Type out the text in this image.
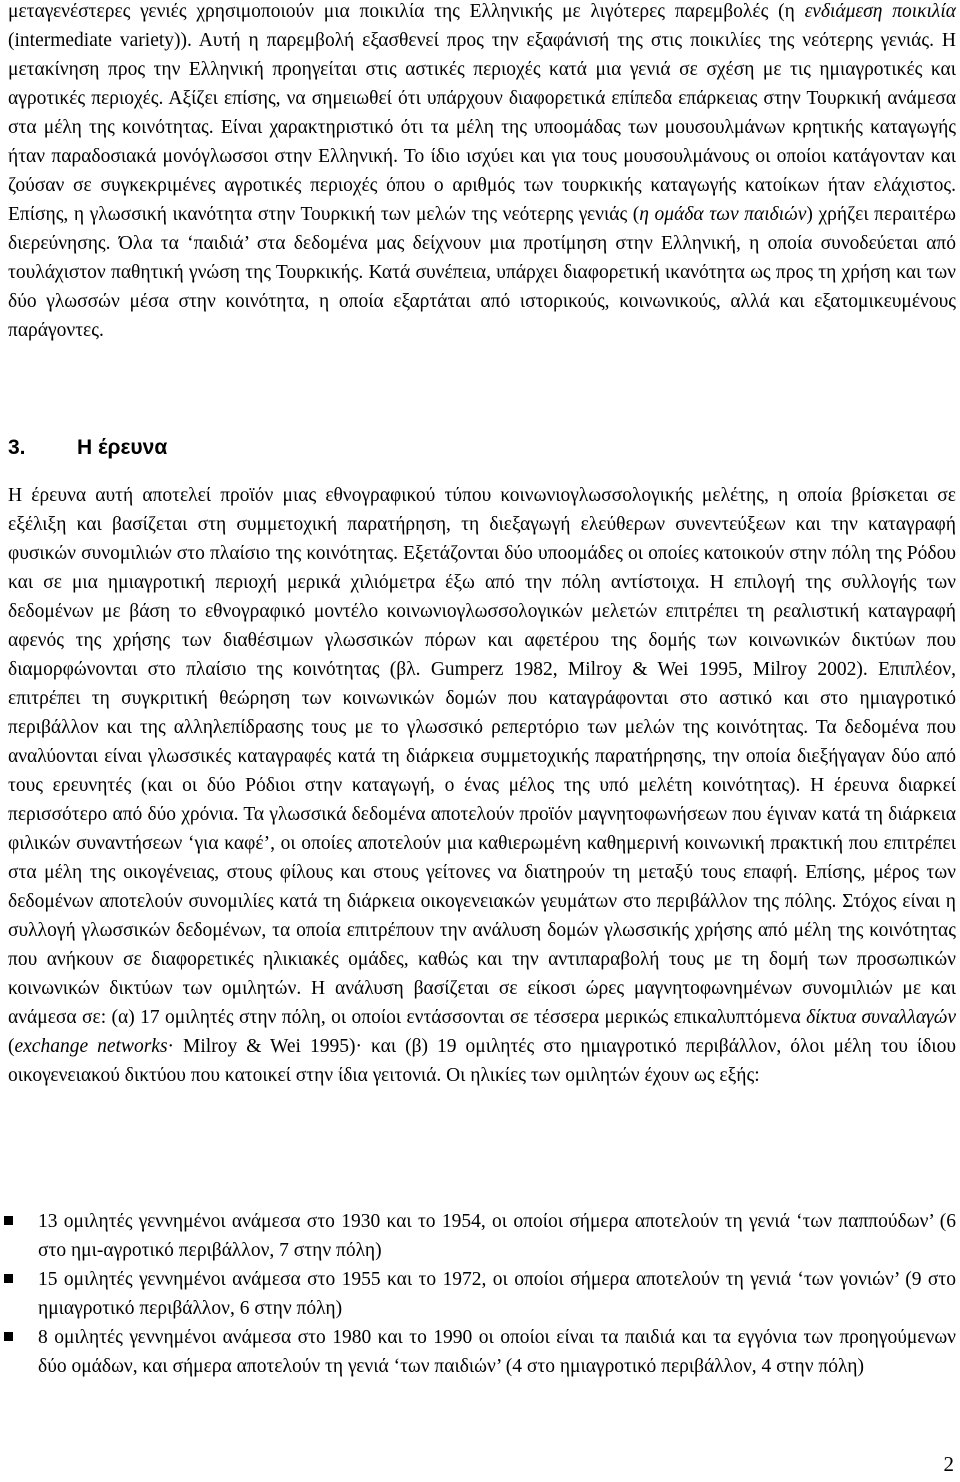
μεταγενέστερες γενιές χρησιμοποιούν μια ποικιλία της Ελληνικής με λιγότερες παρεμβολές (η ενδιάμεση ποικιλία (intermediate variety)). Αυτή η παρεμβολή εξασθενεί προς την εξαφάνισή της στις ποικιλίες της νεότερης γενιάς. Η μετακίνηση προς την Ελληνική προηγείται στις αστικές περιοχές κατά μια γενιά σε σχέση με τις ημιαγροτικές και αγροτικές περιοχές. Αξίζει επίσης, να σημειωθεί ότι υπάρχουν διαφορετικά επίπεδα επάρκειας στην Τουρκική ανάμεσα στα μέλη της κοινότητας. Είναι χαρακτηριστικό ότι τα μέλη της υποομάδας των μουσουλμάνων κρητικής καταγωγής ήταν παραδοσιακά μονόγλωσσοι στην Ελληνική. Το ίδιο ισχύει και για τους μουσουλμάνους οι οποίοι κατάγονταν και ζούσαν σε συγκεκριμένες αγροτικές περιοχές όπου ο αριθμός των τουρκικής καταγωγής κατοίκων ήταν ελάχιστος. Επίσης, η γλωσσική ικανότητα στην Τουρκική των μελών της νεότερης γενιάς (η ομάδα των παιδιών) χρήζει περαιτέρω διερεύνησης. Όλα τα ‘παιδιά’ στα δεδομένα μας δείχνουν μια προτίμηση στην Ελληνική, η οποία συνοδεύεται από τουλάχιστον παθητική γνώση της Τουρκικής. Κατά συνέπεια, υπάρχει διαφορετική ικανότητα ως προς τη χρήση και των δύο γλωσσών μέσα στην κοινότητα, η οποία εξαρτάται από ιστορικούς, κοινωνικούς, αλλά και εξατομικευμένους παράγοντες.

3. Η έρευνα

Η έρευνα αυτή αποτελεί προϊόν μιας εθνογραφικού τύπου κοινωνιογλωσσολογικής μελέτης, η οποία βρίσκεται σε εξέλιξη και βασίζεται στη συμμετοχική παρατήρηση, τη διεξαγωγή ελεύθερων συνεντεύξεων και την καταγραφή φυσικών συνομιλιών στο πλαίσιο της κοινότητας. Εξετάζονται δύο υποομάδες οι οποίες κατοικούν στην πόλη της Ρόδου και σε μια ημιαγροτική περιοχή μερικά χιλιόμετρα έξω από την πόλη αντίστοιχα. Η επιλογή της συλλογής των δεδομένων με βάση το εθνογραφικό μοντέλο κοινωνιογλωσσολογικών μελετών επιτρέπει τη ρεαλιστική καταγραφή αφενός της χρήσης των διαθέσιμων γλωσσικών πόρων και αφετέρου της δομής των κοινωνικών δικτύων που διαμορφώνονται στο πλαίσιο της κοινότητας (βλ. Gumperz 1982, Milroy & Wei 1995, Milroy 2002). Επιπλέον, επιτρέπει τη συγκριτική θεώρηση των κοινωνικών δομών που καταγράφονται στο αστικό και στο ημιαγροτικό περιβάλλον και της αλληλεπίδρασης τους με το γλωσσικό ρεπερτόριο των μελών της κοινότητας. Τα δεδομένα που αναλύονται είναι γλωσσικές καταγραφές κατά τη διάρκεια συμμετοχικής παρατήρησης, την οποία διεξήγαγαν δύο από τους ερευνητές (και οι δύο Ρόδιοι στην καταγωγή, ο ένας μέλος της υπό μελέτη κοινότητας). Η έρευνα διαρκεί περισσότερο από δύο χρόνια. Τα γλωσσικά δεδομένα αποτελούν προϊόν μαγνητοφωνήσεων που έγιναν κατά τη διάρκεια φιλικών συναντήσεων ‘για καφέ’, οι οποίες αποτελούν μια καθιερωμένη καθημερινή κοινωνική πρακτική που επιτρέπει στα μέλη της οικογένειας, στους φίλους και στους γείτονες να διατηρούν τη μεταξύ τους επαφή. Επίσης, μέρος των δεδομένων αποτελούν συνομιλίες κατά τη διάρκεια οικογενειακών γευμάτων στο περιβάλλον της πόλης. Στόχος είναι η συλλογή γλωσσικών δεδομένων, τα οποία επιτρέπουν την ανάλυση δομών γλωσσικής χρήσης από μέλη της κοινότητας που ανήκουν σε διαφορετικές ηλικιακές ομάδες, καθώς και την αντιπαραβολή τους με τη δομή των προσωπικών κοινωνικών δικτύων των ομιλητών. Η ανάλυση βασίζεται σε είκοσι ώρες μαγνητοφωνημένων συνομιλιών με και ανάμεσα σε: (α) 17 ομιλητές στην πόλη, οι οποίοι εντάσσονται σε τέσσερα μερικώς επικαλυπτόμενα δίκτυα συναλλαγών (exchange networks· Milroy & Wei 1995)· και (β) 19 ομιλητές στο ημιαγροτικό περιβάλλον, όλοι μέλη του ίδιου οικογενειακού δικτύου που κατοικεί στην ίδια γειτονιά. Οι ηλικίες των ομιλητών έχουν ως εξής:

13 ομιλητές γεννημένοι ανάμεσα στο 1930 και το 1954, οι οποίοι σήμερα αποτελούν τη γενιά ‘των παππούδων’ (6 στο ημι-αγροτικό περιβάλλον, 7 στην πόλη)
15 ομιλητές γεννημένοι ανάμεσα στο 1955 και το 1972, οι οποίοι σήμερα αποτελούν τη γενιά ‘των γονιών’ (9 στο ημιαγροτικό περιβάλλον, 6 στην πόλη)
8 ομιλητές γεννημένοι ανάμεσα στο 1980 και το 1990 οι οποίοι είναι τα παιδιά και τα εγγόνια των προηγούμενων δύο ομάδων, και σήμερα αποτελούν τη γενιά ‘των παιδιών’ (4 στο ημιαγροτικό περιβάλλον, 4 στην πόλη)
2
